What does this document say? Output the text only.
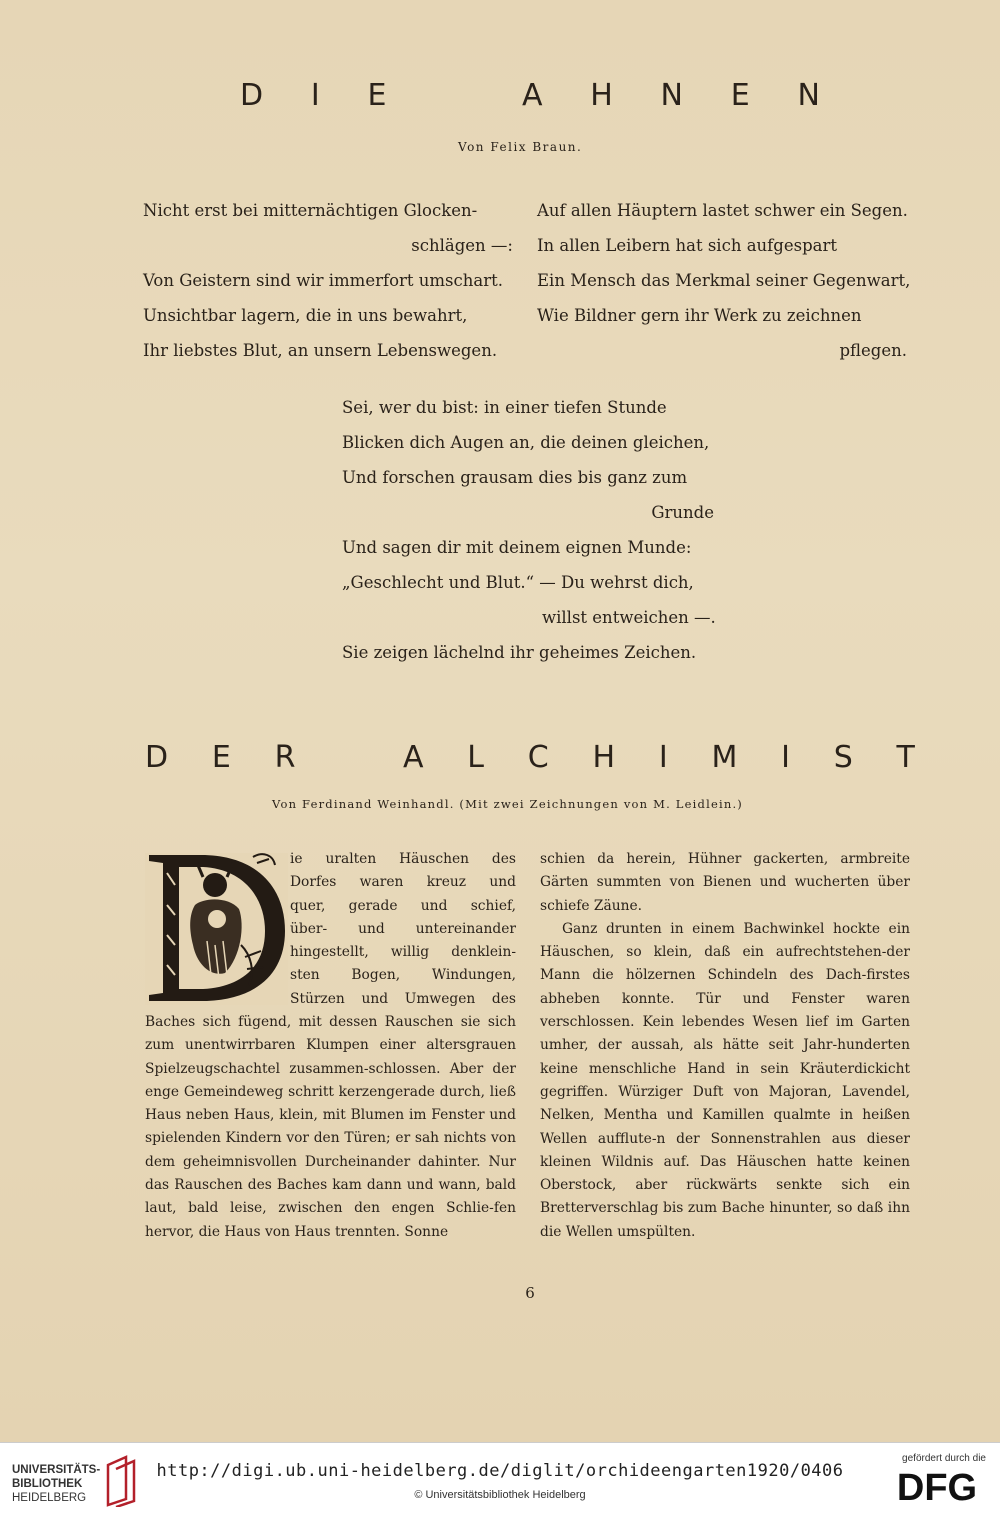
D I E	A H N E N
Von Felix Braun.
Nicht erst bei mitternächtigen Glocken-
schlägen —:
Von Geistern sind wir immerfort umschart.
Unsichtbar lagern, die in uns bewahrt,
Ihr liebstes Blut, an unsern Lebenswegen.
Auf allen Häuptern lastet schwer ein Segen.
In allen Leibern hat sich aufgespart
Ein Mensch das Merkmal seiner Gegenwart,
Wie Bildner gern ihr Werk zu zeichnen
pflegen.
Sei, wer du bist: in einer tiefen Stunde
Blicken dich Augen an, die deinen gleichen,
Und forschen grausam dies bis ganz zum
Grunde
Und sagen dir mit deinem eignen Munde:
„Geschlecht und Blut.“ — Du wehrst dich,
willst entweichen —.
Sie zeigen lächelnd ihr geheimes Zeichen.
D E R	A L C H I M I S T
Von Ferdinand Weinhandl. (Mit zwei Zeichnungen von M. Leidlein.)
ie uralten Häuschen des
Dorfes waren kreuz und
quer, gerade und schief,
über- und untereinander
hingestellt, willig denklein-
sten Bogen, Windungen,
Stürzen und Umwegen des

Baches sich fügend, mit dessen Rauschen sie sich zum unentwirrbaren Klumpen einer altersgrauen Spielzeugschachtel zusammen-schlossen. Aber der enge Gemeindeweg schritt kerzengerade durch, ließ Haus neben Haus, klein, mit Blumen im Fenster und spielenden Kindern vor den Türen; er sah nichts von dem geheimnisvollen Durcheinander dahinter. Nur das Rauschen des Baches kam dann und wann, bald laut, bald leise, zwischen den engen Schlie-fen hervor, die Haus von Haus trennten. Sonne

schien da herein, Hühner gackerten, armbreite Gärten summten von Bienen und wucherten über schiefe Zäune.

Ganz drunten in einem Bachwinkel hockte ein Häuschen, so klein, daß ein aufrechtstehen-der Mann die hölzernen Schindeln des Dach-firstes abheben konnte. Tür und Fenster waren verschlossen. Kein lebendes Wesen lief im Garten umher, der aussah, als hätte seit Jahr-hunderten keine menschliche Hand in sein Kräuterdickicht gegriffen. Würziger Duft von Majoran, Lavendel, Nelken, Mentha und Kamillen qualmte in heißen Wellen aufflute-n der Sonnenstrahlen aus dieser kleinen Wildnis auf. Das Häuschen hatte keinen Oberstock, aber rückwärts senkte sich ein Bretterverschlag bis zum Bache hinunter, so daß ihn die Wellen umspülten.

6
UNIVERSITÄTS-
BIBLIOTHEK
HEIDELBERG
http://digi.ub.uni-heidelberg.de/diglit/orchideengarten1920/0406
© Universitätsbibliothek Heidelberg
gefördert durch die
DFG
